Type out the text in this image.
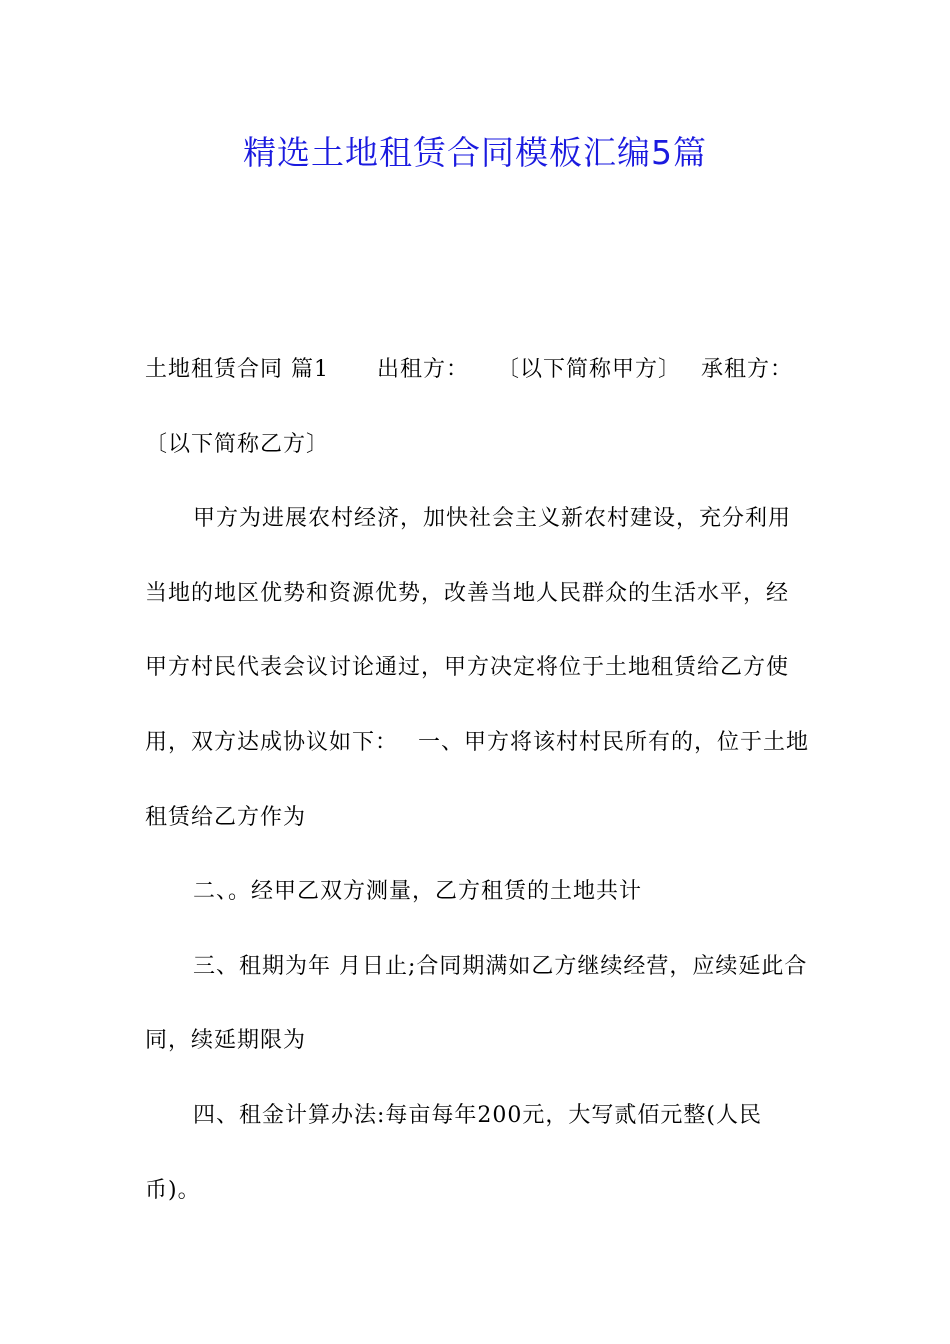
精选土地租赁合同模板汇编5篇

土地租赁合同 篇1 出租方： 〔以下简称甲方〕 承租方：
〔以下简称乙方〕

甲方为进展农村经济，加快社会主义新农村建设，充分利用当地的地区优势和资源优势，改善当地人民群众的生活水平，经甲方村民代表会议讨论通过，甲方决定将位于土地租赁给乙方使用，双方达成协议如下： 一、甲方将该村村民所有的，位于土地租赁给乙方作为

二、。经甲乙双方测量，乙方租赁的土地共计

三、租期为年 月日止;合同期满如乙方继续经营，应续延此合同，续延期限为

四、租金计算办法:每亩每年200元，大写贰佰元整(人民币)。
